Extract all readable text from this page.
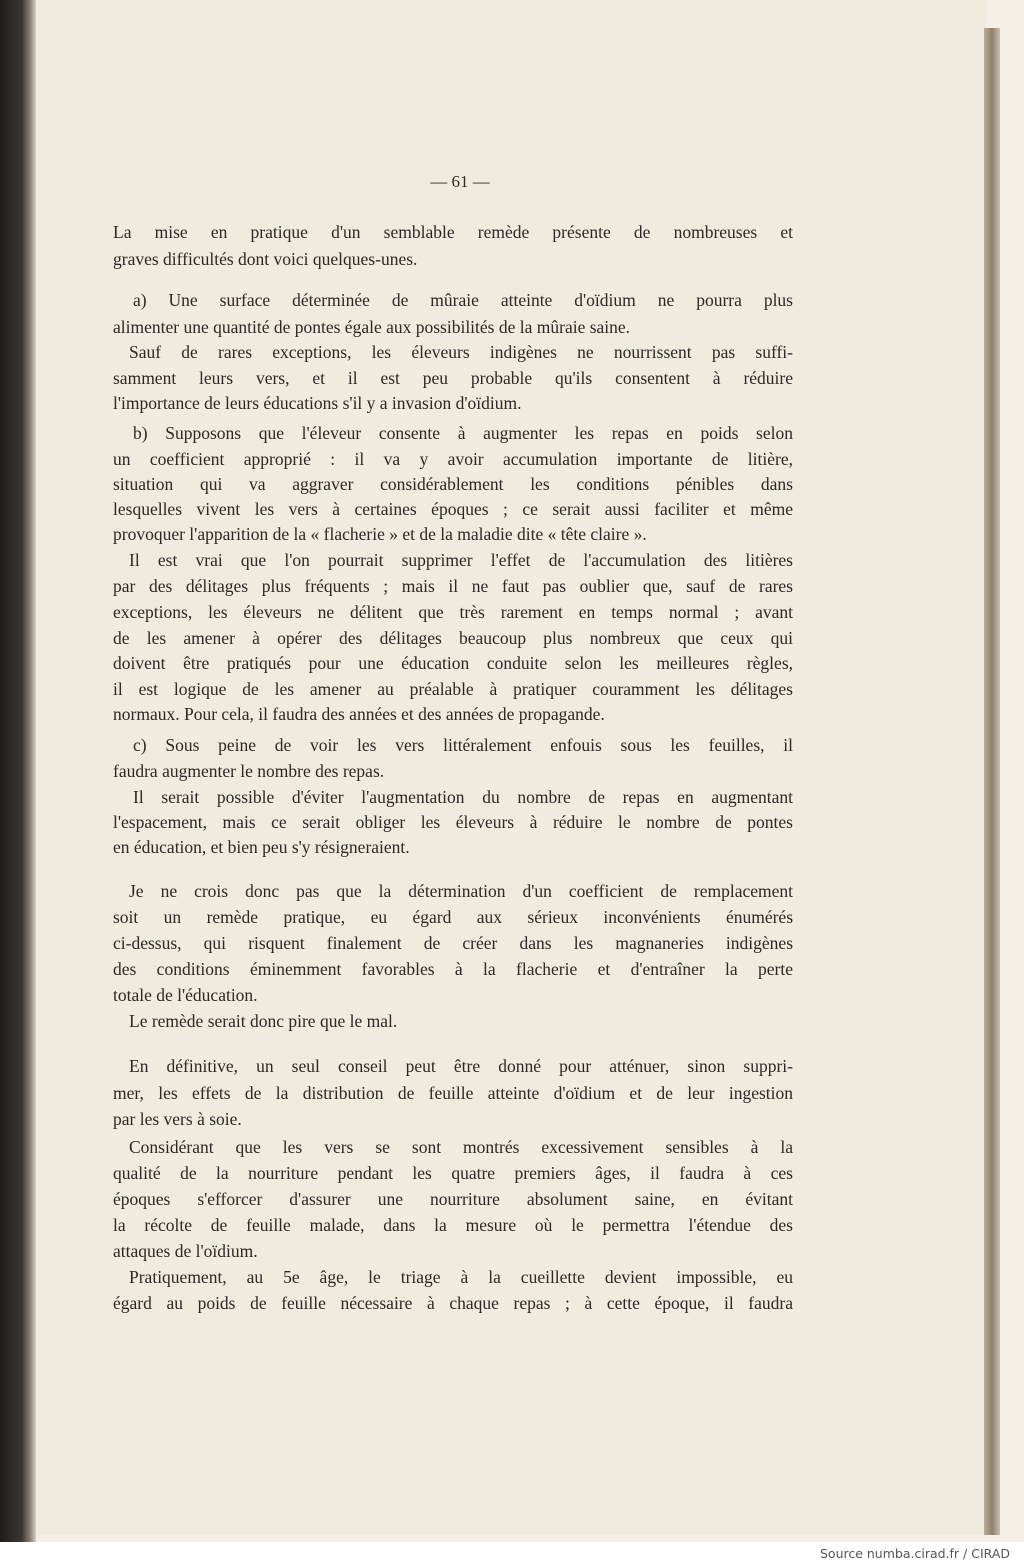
— 61 —
La mise en pratique d'un semblable remède présente de nombreuses et
graves difficultés dont voici quelques-unes.
a) Une surface déterminée de mûraie atteinte d'oïdium ne pourra plus
alimenter une quantité de pontes égale aux possibilités de la mûraie saine.
Sauf de rares exceptions, les éleveurs indigènes ne nourrissent pas suffi-
samment leurs vers, et il est peu probable qu'ils consentent à réduire
l'importance de leurs éducations s'il y a invasion d'oïdium.
b) Supposons que l'éleveur consente à augmenter les repas en poids selon
un coefficient approprié : il va y avoir accumulation importante de litière,
situation qui va aggraver considérablement les conditions pénibles dans
lesquelles vivent les vers à certaines époques ; ce serait aussi faciliter et même
provoquer l'apparition de la « flacherie » et de la maladie dite « tête claire ».
Il est vrai que l'on pourrait supprimer l'effet de l'accumulation des litières
par des délitages plus fréquents ; mais il ne faut pas oublier que, sauf de rares
exceptions, les éleveurs ne délitent que très rarement en temps normal ; avant
de les amener à opérer des délitages beaucoup plus nombreux que ceux qui
doivent être pratiqués pour une éducation conduite selon les meilleures règles,
il est logique de les amener au préalable à pratiquer couramment les délitages
normaux. Pour cela, il faudra des années et des années de propagande.
c) Sous peine de voir les vers littéralement enfouis sous les feuilles, il
faudra augmenter le nombre des repas.
Il serait possible d'éviter l'augmentation du nombre de repas en augmentant
l'espacement, mais ce serait obliger les éleveurs à réduire le nombre de pontes
en éducation, et bien peu s'y résigneraient.
Je ne crois donc pas que la détermination d'un coefficient de remplacement
soit un remède pratique, eu égard aux sérieux inconvénients énumérés
ci-dessus, qui risquent finalement de créer dans les magnaneries indigènes
des conditions éminemment favorables à la flacherie et d'entraîner la perte
totale de l'éducation.
Le remède serait donc pire que le mal.
En définitive, un seul conseil peut être donné pour atténuer, sinon suppri-
mer, les effets de la distribution de feuille atteinte d'oïdium et de leur ingestion
par les vers à soie.
Considérant que les vers se sont montrés excessivement sensibles à la
qualité de la nourriture pendant les quatre premiers âges, il faudra à ces
époques s'efforcer d'assurer une nourriture absolument saine, en évitant
la récolte de feuille malade, dans la mesure où le permettra l'étendue des
attaques de l'oïdium.
Pratiquement, au 5e âge, le triage à la cueillette devient impossible, eu
égard au poids de feuille nécessaire à chaque repas ; à cette époque, il faudra
Source numba.cirad.fr / CIRAD
